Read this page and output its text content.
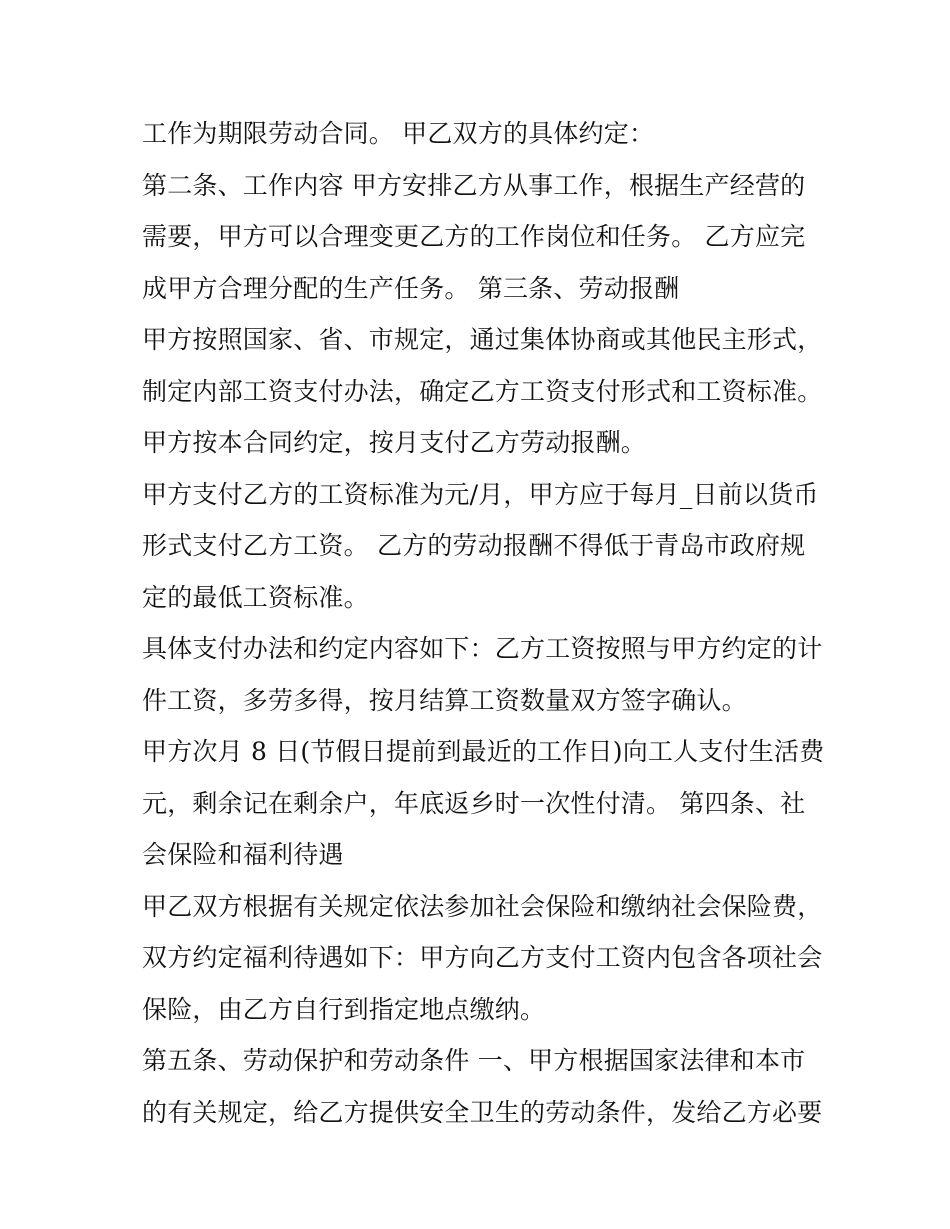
工作为期限劳动合同。 甲乙双方的具体约定：
第二条、工作内容 甲方安排乙方从事工作，根据生产经营的
需要，甲方可以合理变更乙方的工作岗位和任务。 乙方应完
成甲方合理分配的生产任务。 第三条、劳动报酬
甲方按照国家、省、市规定，通过集体协商或其他民主形式，
制定内部工资支付办法，确定乙方工资支付形式和工资标准。
甲方按本合同约定，按月支付乙方劳动报酬。
甲方支付乙方的工资标准为元/月，甲方应于每月_日前以货币
形式支付乙方工资。 乙方的劳动报酬不得低于青岛市政府规
定的最低工资标准。
具体支付办法和约定内容如下：乙方工资按照与甲方约定的计
件工资，多劳多得，按月结算工资数量双方签字确认。
甲方次月 8 日(节假日提前到最近的工作日)向工人支付生活费
元，剩余记在剩余户，年底返乡时一次性付清。 第四条、社
会保险和福利待遇
甲乙双方根据有关规定依法参加社会保险和缴纳社会保险费，
双方约定福利待遇如下：甲方向乙方支付工资内包含各项社会
保险，由乙方自行到指定地点缴纳。
第五条、劳动保护和劳动条件 一、甲方根据国家法律和本市
的有关规定，给乙方提供安全卫生的劳动条件，发给乙方必要
